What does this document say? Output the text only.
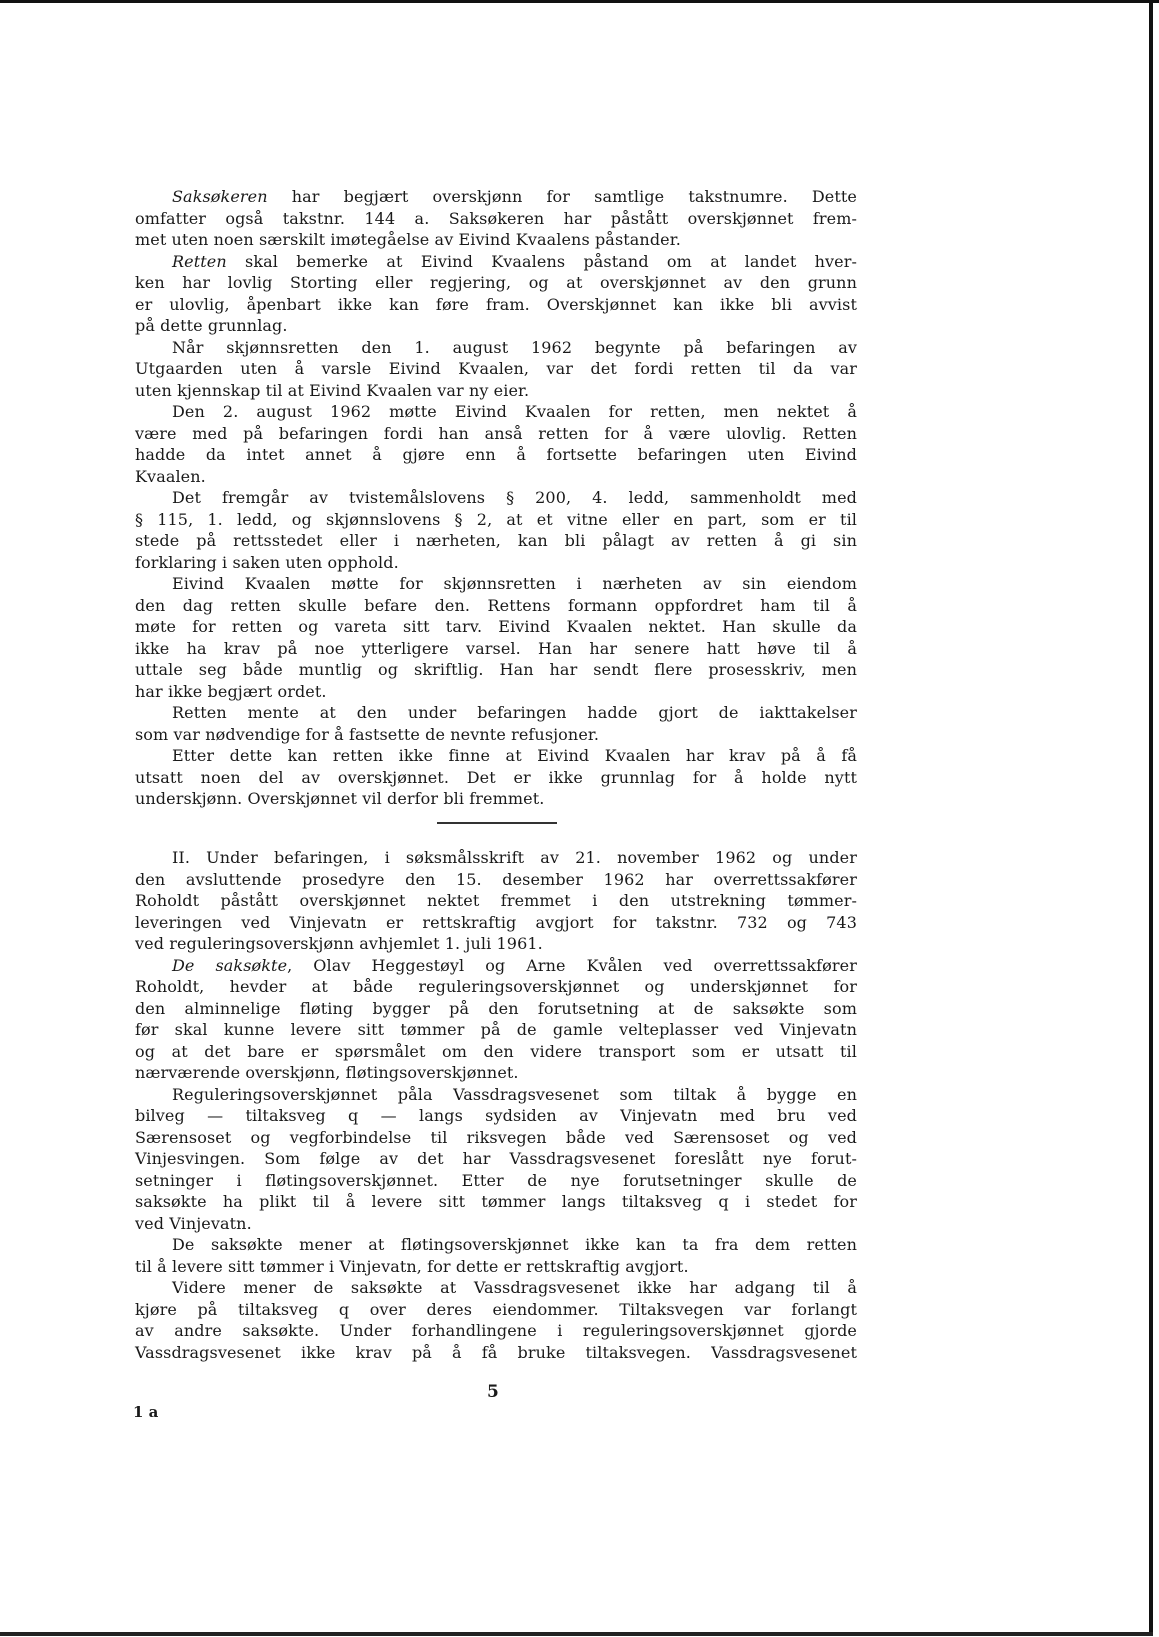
Saksøkeren har begjært overskjønn for samtlige takstnumre. Dette
omfatter også takstnr. 144 a. Saksøkeren har påstått overskjønnet frem-
met uten noen særskilt imøtegåelse av Eivind Kvaalens påstander.
Retten skal bemerke at Eivind Kvaalens påstand om at landet hver-
ken har lovlig Storting eller regjering, og at overskjønnet av den grunn
er ulovlig, åpenbart ikke kan føre fram. Overskjønnet kan ikke bli avvist
på dette grunnlag.
Når skjønnsretten den 1. august 1962 begynte på befaringen av
Utgaarden uten å varsle Eivind Kvaalen, var det fordi retten til da var
uten kjennskap til at Eivind Kvaalen var ny eier.
Den 2. august 1962 møtte Eivind Kvaalen for retten, men nektet å
være med på befaringen fordi han anså retten for å være ulovlig. Retten
hadde da intet annet å gjøre enn å fortsette befaringen uten Eivind
Kvaalen.
Det fremgår av tvistemålslovens § 200, 4. ledd, sammenholdt med
§ 115, 1. ledd, og skjønnslovens § 2, at et vitne eller en part, som er til
stede på rettsstedet eller i nærheten, kan bli pålagt av retten å gi sin
forklaring i saken uten opphold.
Eivind Kvaalen møtte for skjønnsretten i nærheten av sin eiendom
den dag retten skulle befare den. Rettens formann oppfordret ham til å
møte for retten og vareta sitt tarv. Eivind Kvaalen nektet. Han skulle da
ikke ha krav på noe ytterligere varsel. Han har senere hatt høve til å
uttale seg både muntlig og skriftlig. Han har sendt flere prosesskriv, men
har ikke begjært ordet.
Retten mente at den under befaringen hadde gjort de iakttakelser
som var nødvendige for å fastsette de nevnte refusjoner.
Etter dette kan retten ikke finne at Eivind Kvaalen har krav på å få
utsatt noen del av overskjønnet. Det er ikke grunnlag for å holde nytt
underskjønn. Overskjønnet vil derfor bli fremmet.
II. Under befaringen, i søksmålsskrift av 21. november 1962 og under
den avsluttende prosedyre den 15. desember 1962 har overrettssakfører
Roholdt påstått overskjønnet nektet fremmet i den utstrekning tømmer-
leveringen ved Vinjevatn er rettskraftig avgjort for takstnr. 732 og 743
ved reguleringsoverskjønn avhjemlet 1. juli 1961.
De saksøkte, Olav Heggestøyl og Arne Kvålen ved overrettssakfører
Roholdt, hevder at både reguleringsoverskjønnet og underskjønnet for
den alminnelige fløting bygger på den forutsetning at de saksøkte som
før skal kunne levere sitt tømmer på de gamle velteplasser ved Vinjevatn
og at det bare er spørsmålet om den videre transport som er utsatt til
nærværende overskjønn, fløtingsoverskjønnet.
Reguleringsoverskjønnet påla Vassdragsvesenet som tiltak å bygge en
bilveg — tiltaksveg q — langs sydsiden av Vinjevatn med bru ved
Særensoset og vegforbindelse til riksvegen både ved Særensoset og ved
Vinjesvingen. Som følge av det har Vassdragsvesenet foreslått nye forut-
setninger i fløtingsoverskjønnet. Etter de nye forutsetninger skulle de
saksøkte ha plikt til å levere sitt tømmer langs tiltaksveg q i stedet for
ved Vinjevatn.
De saksøkte mener at fløtingsoverskjønnet ikke kan ta fra dem retten
til å levere sitt tømmer i Vinjevatn, for dette er rettskraftig avgjort.
Videre mener de saksøkte at Vassdragsvesenet ikke har adgang til å
kjøre på tiltaksveg q over deres eiendommer. Tiltaksvegen var forlangt
av andre saksøkte. Under forhandlingene i reguleringsoverskjønnet gjorde
Vassdragsvesenet ikke krav på å få bruke tiltaksvegen. Vassdragsvesenet
5
1 a
